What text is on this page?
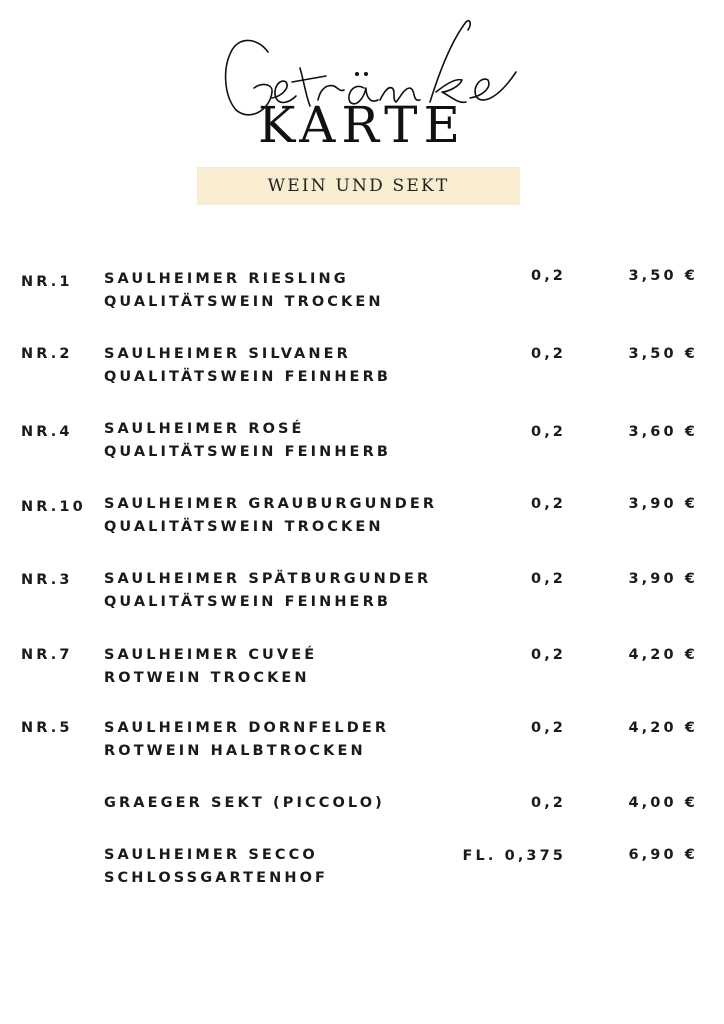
KARTE
WEIN UND SEKT
NR.1 SAULHEIMER RIESLING
QUALITÄTSWEIN TROCKEN
0,2	3,50 €
NR.2 SAULHEIMER SILVANER
QUALITÄTSWEIN FEINHERB
0,2	3,50 €
NR.4 SAULHEIMER ROSÉ
QUALITÄTSWEIN FEINHERB
0,2	3,60 €
NR.10 SAULHEIMER GRAUBURGUNDER
QUALITÄTSWEIN TROCKEN
0,2	3,90 €
NR.3 SAULHEIMER SPÄTBURGUNDER
QUALITÄTSWEIN FEINHERB
0,2	3,90 €
NR.7 SAULHEIMER CUVEÉ
ROTWEIN TROCKEN
0,2	4,20 €
NR.5 SAULHEIMER DORNFELDER
ROTWEIN HALBTROCKEN
0,2	4,20 €
GRAEGER SEKT (PICCOLO)	0,2	4,00 €
SAULHEIMER SECCO
SCHLOSSGARTENHOF
FL. 0,375	6,90 €
